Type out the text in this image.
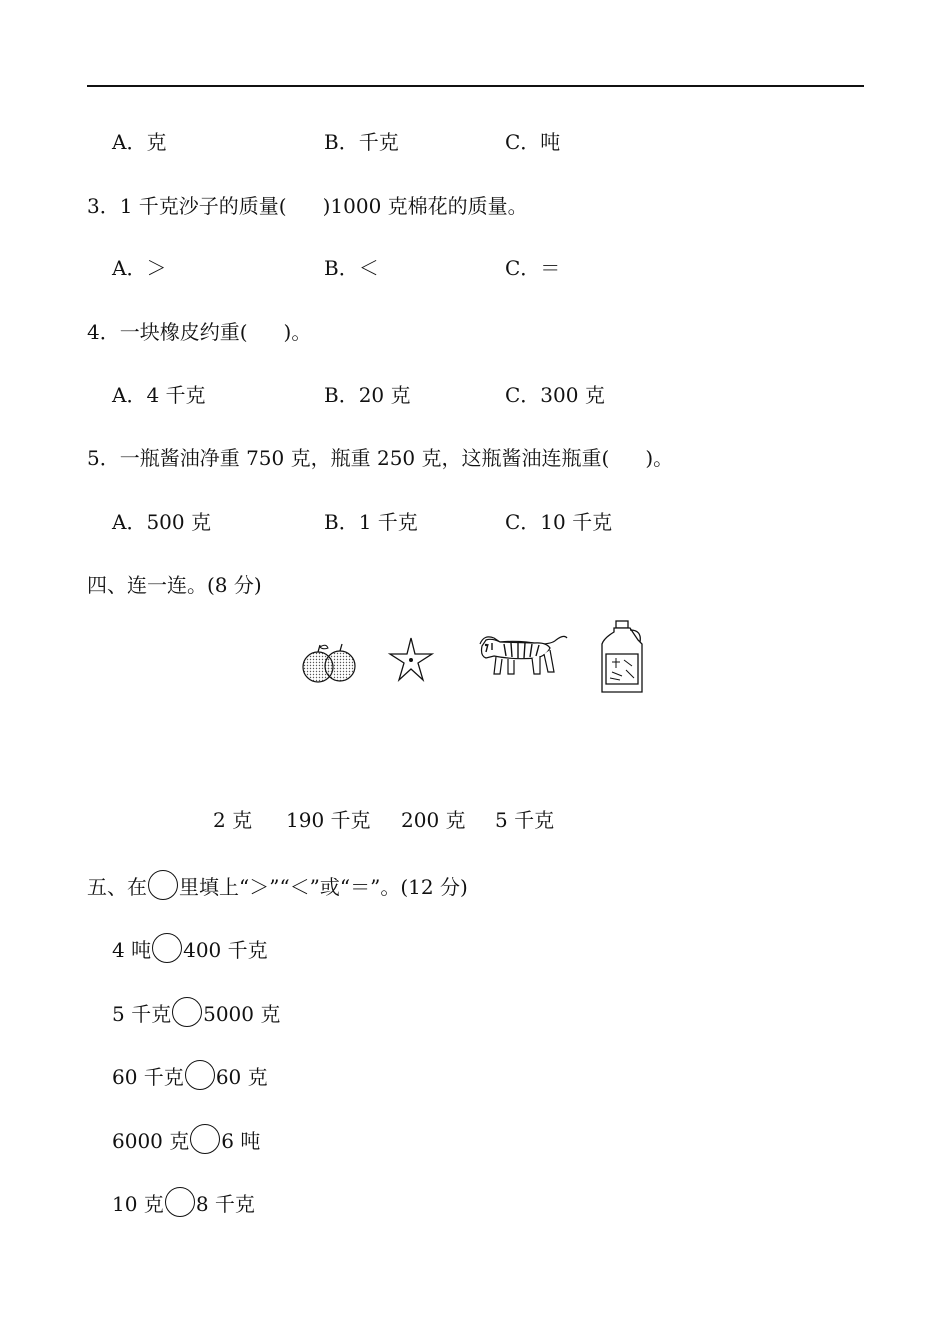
A．克	B．千克	C．吨
3．1 千克沙子的质量( )1000 克棉花的质量。
A．＞	B．＜	C．＝
4．一块橡皮约重( )。
A．4 千克	B．20 克	C．300 克
5．一瓶酱油净重 750 克，瓶重 250 克，这瓶酱油连瓶重( )。
A．500 克	B．1 千克	C．10 千克
四、连一连。(8 分)
2 克 190 千克 200 克 5 千克
五、在 里填上“＞”“＜”或“＝”。(12 分)
4 吨 400 千克
5 千克 5000 克
60 千克 60 克
6000 克 6 吨
10 克 8 千克
